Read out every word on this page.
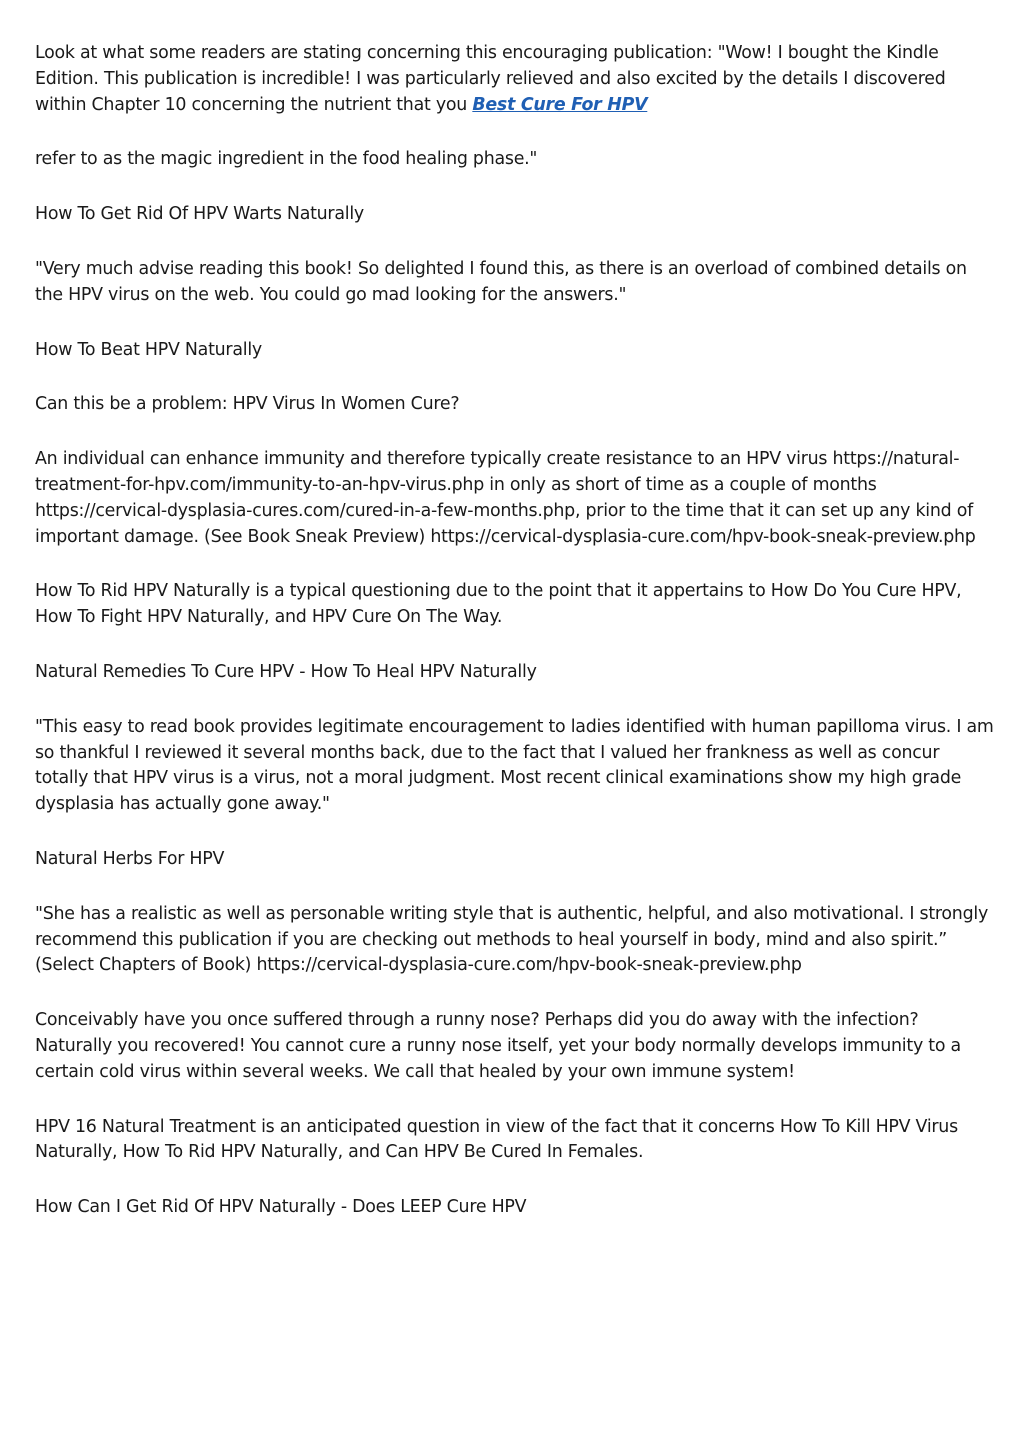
Look at what some readers are stating concerning this encouraging publication: "Wow! I bought the Kindle Edition. This publication is incredible! I was particularly relieved and also excited by the details I discovered within Chapter 10 concerning the nutrient that you Best Cure For HPV

refer to as the magic ingredient in the food healing phase."

How To Get Rid Of HPV Warts Naturally

"Very much advise reading this book! So delighted I found this, as there is an overload of combined details on the HPV virus on the web. You could go mad looking for the answers."

How To Beat HPV Naturally

Can this be a problem: HPV Virus In Women Cure?

An individual can enhance immunity and therefore typically create resistance to an HPV virus https://natural-treatment-for-hpv.com/immunity-to-an-hpv-virus.php in only as short of time as a couple of months https://cervical-dysplasia-cures.com/cured-in-a-few-months.php, prior to the time that it can set up any kind of important damage. (See Book Sneak Preview) https://cervical-dysplasia-cure.com/hpv-book-sneak-preview.php

How To Rid HPV Naturally is a typical questioning due to the point that it appertains to How Do You Cure HPV, How To Fight HPV Naturally, and HPV Cure On The Way.

Natural Remedies To Cure HPV - How To Heal HPV Naturally

"This easy to read book provides legitimate encouragement to ladies identified with human papilloma virus. I am so thankful I reviewed it several months back, due to the fact that I valued her frankness as well as concur totally that HPV virus is a virus, not a moral judgment. Most recent clinical examinations show my high grade dysplasia has actually gone away."

Natural Herbs For HPV

"She has a realistic as well as personable writing style that is authentic, helpful, and also motivational. I strongly recommend this publication if you are checking out methods to heal yourself in body, mind and also spirit.” (Select Chapters of Book) https://cervical-dysplasia-cure.com/hpv-book-sneak-preview.php

Conceivably have you once suffered through a runny nose? Perhaps did you do away with the infection? Naturally you recovered! You cannot cure a runny nose itself, yet your body normally develops immunity to a certain cold virus within several weeks. We call that healed by your own immune system!

HPV 16 Natural Treatment is an anticipated question in view of the fact that it concerns How To Kill HPV Virus Naturally, How To Rid HPV Naturally, and Can HPV Be Cured In Females.

How Can I Get Rid Of HPV Naturally - Does LEEP Cure HPV
